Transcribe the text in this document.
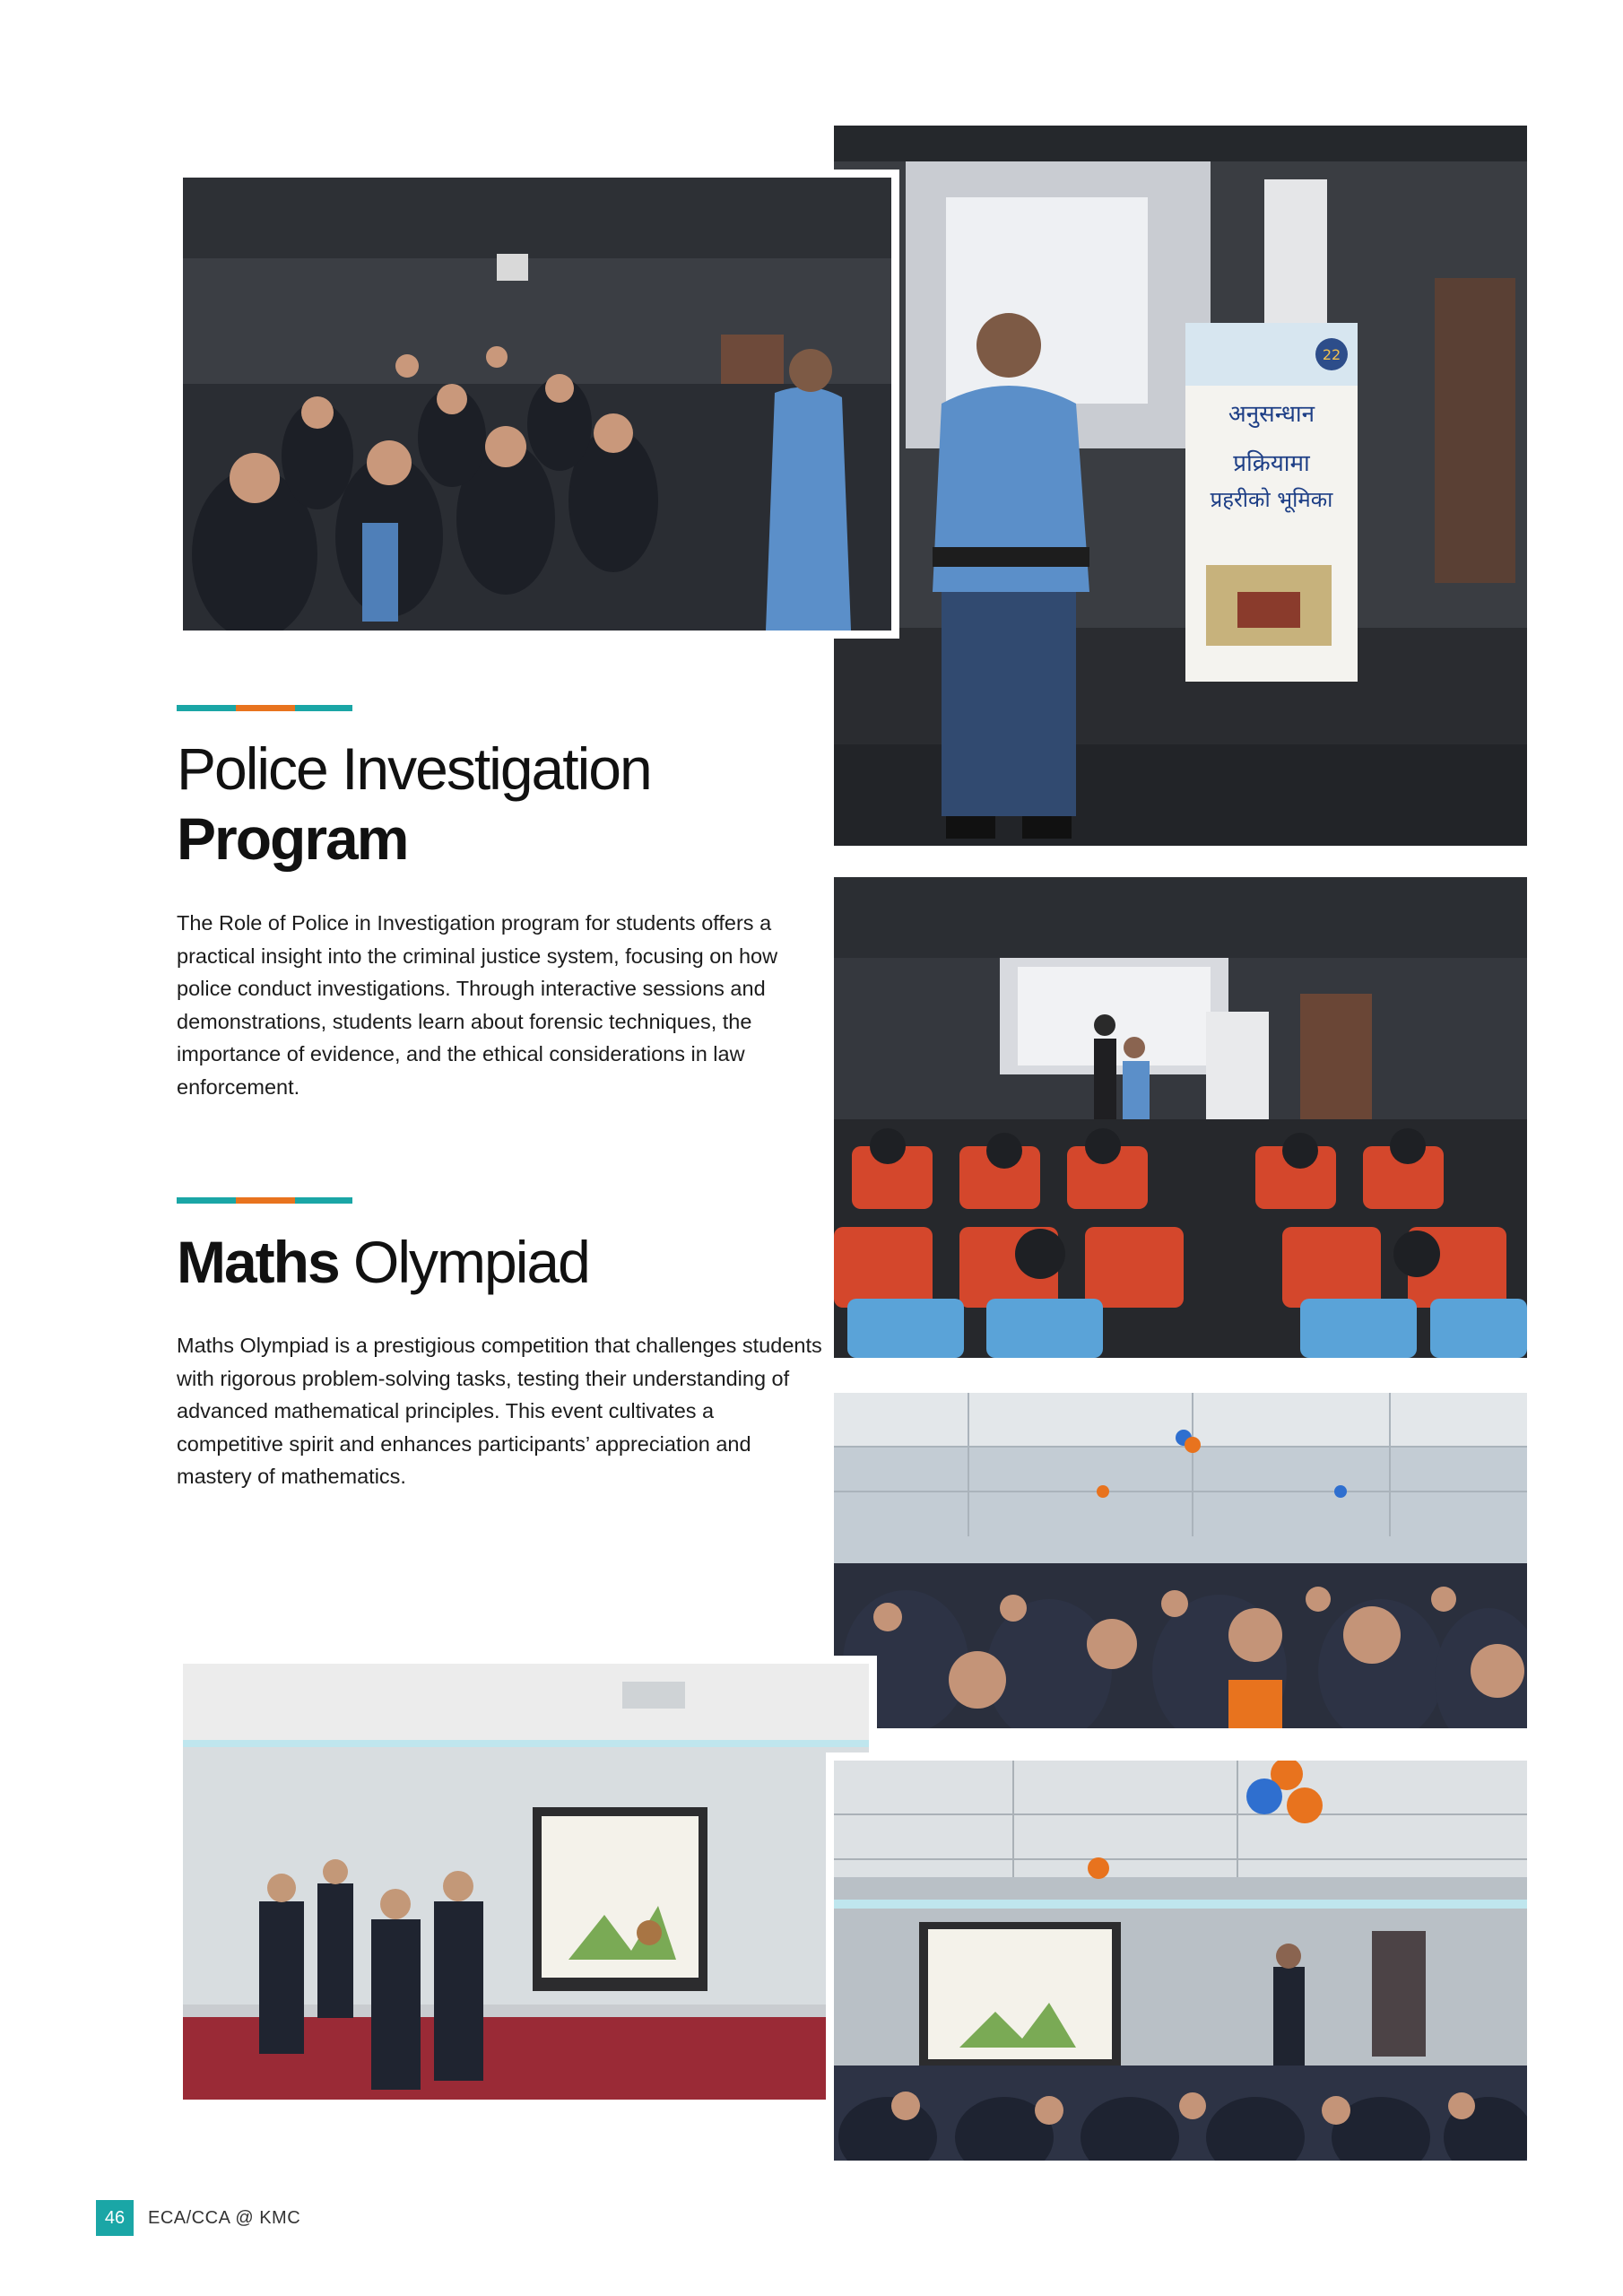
22
अनुसन्धान
प्रक्रियामा
प्रहरीको भूमिका
Police Investigation
Program

The Role of Police in Investigation program for students offers a practical insight into the criminal justice system, focusing on how police conduct investigations. Through interactive sessions and demonstrations, students learn about forensic techniques, the importance of evidence, and the ethical considerations in law enforcement.

Maths Olympiad

Maths Olympiad is a prestigious competition that challenges students with rigorous problem-solving tasks, testing their understanding of advanced mathematical principles. This event cultivates a competitive spirit and enhances participants’ appreciation and mastery of mathematics.

46	ECA/CCA @ KMC
